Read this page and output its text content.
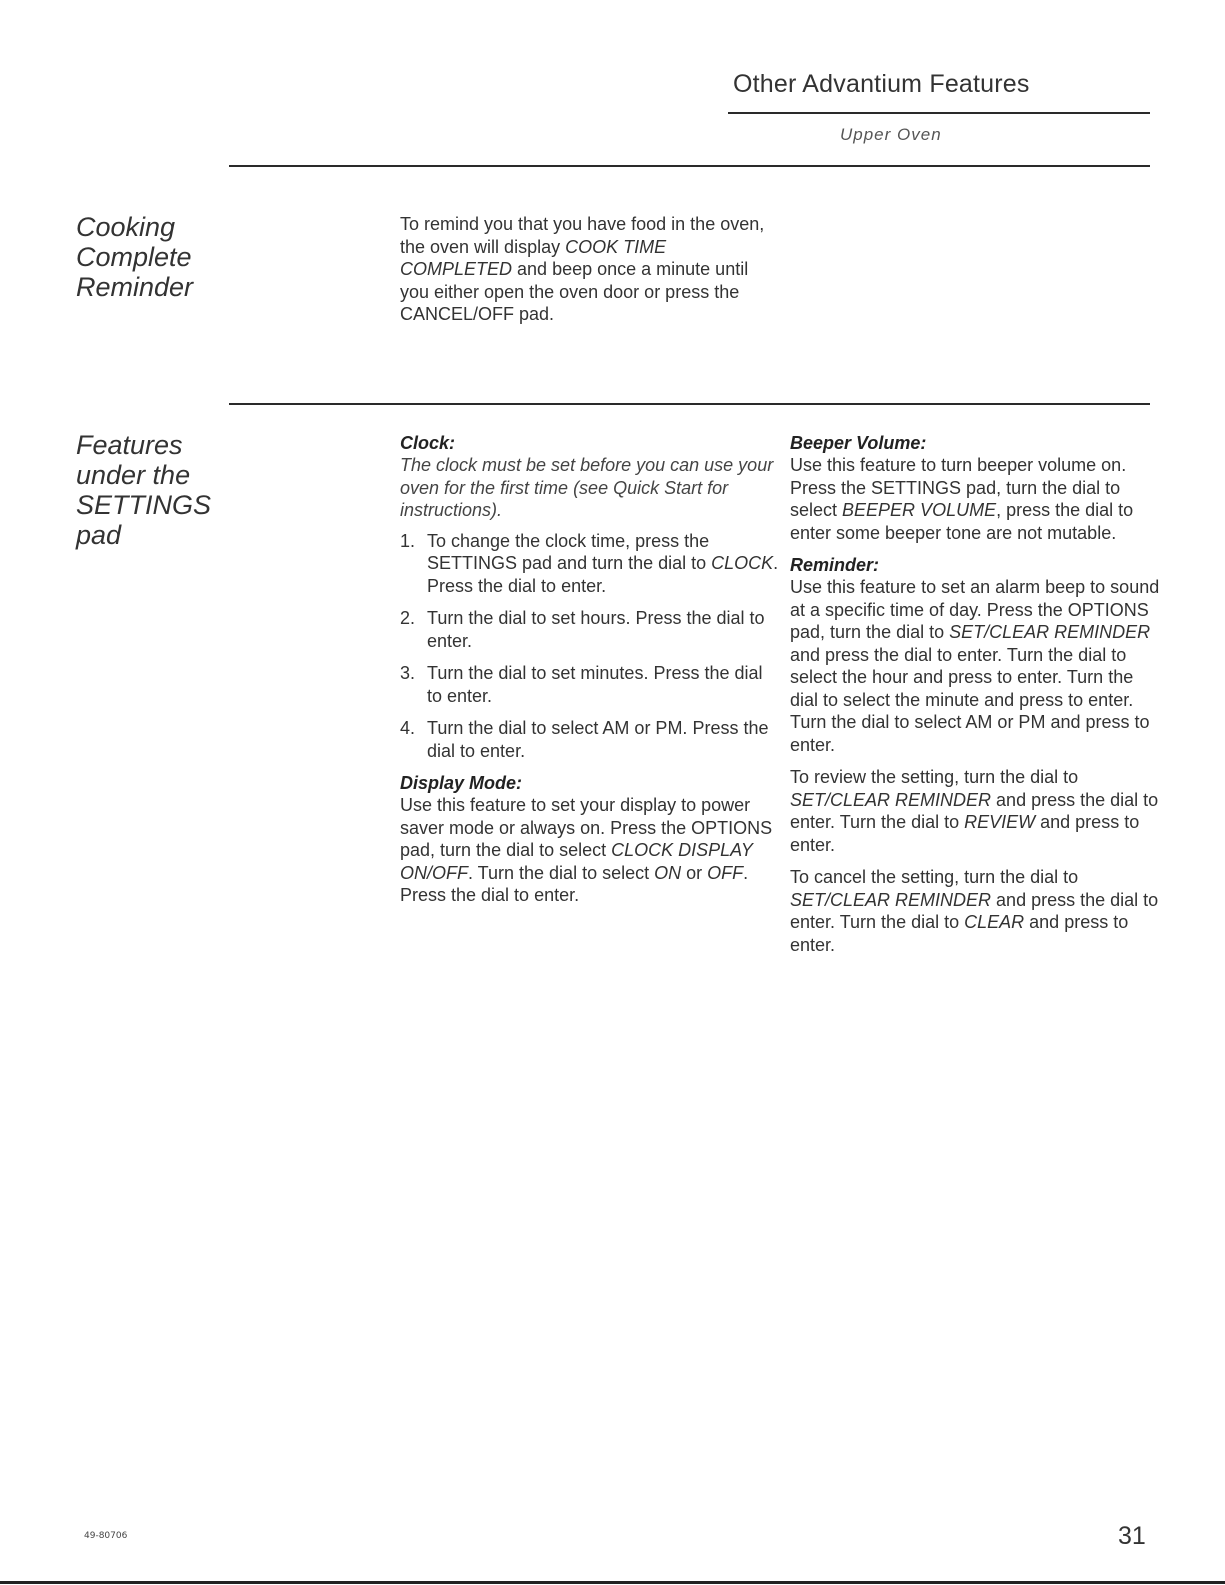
Other Advantium Features
Upper Oven
Cooking
Complete
Reminder
To remind you that you have food in the oven, the oven will display COOK TIME COMPLETED and beep once a minute until you either open the oven door or press the CANCEL/OFF pad.
Features
under the
SETTINGS
pad
Clock:

The clock must be set before you can use your oven for the first time (see Quick Start for instructions).

1. To change the clock time, press the SETTINGS pad and turn the dial to CLOCK. Press the dial to enter.
2. Turn the dial to set hours. Press the dial to enter.
3. Turn the dial to set minutes. Press the dial to enter.
4. Turn the dial to select AM or PM. Press the dial to enter.
Display Mode:

Use this feature to set your display to power saver mode or always on. Press the OPTIONS pad, turn the dial to select CLOCK DISPLAY ON/OFF. Turn the dial to select ON or OFF. Press the dial to enter.

Beeper Volume:

Use this feature to turn beeper volume on. Press the SETTINGS pad, turn the dial to select BEEPER VOLUME, press the dial to enter some beeper tone are not mutable.

Reminder:

Use this feature to set an alarm beep to sound at a specific time of day. Press the OPTIONS pad, turn the dial to SET/CLEAR REMINDER and press the dial to enter. Turn the dial to select the hour and press to enter. Turn the dial to select the minute and press to enter. Turn the dial to select AM or PM and press to enter.

To review the setting, turn the dial to SET/CLEAR REMINDER and press the dial to enter. Turn the dial to REVIEW and press to enter.

To cancel the setting, turn the dial to SET/CLEAR REMINDER and press the dial to enter. Turn the dial to CLEAR and press to enter.

49-80706	31
